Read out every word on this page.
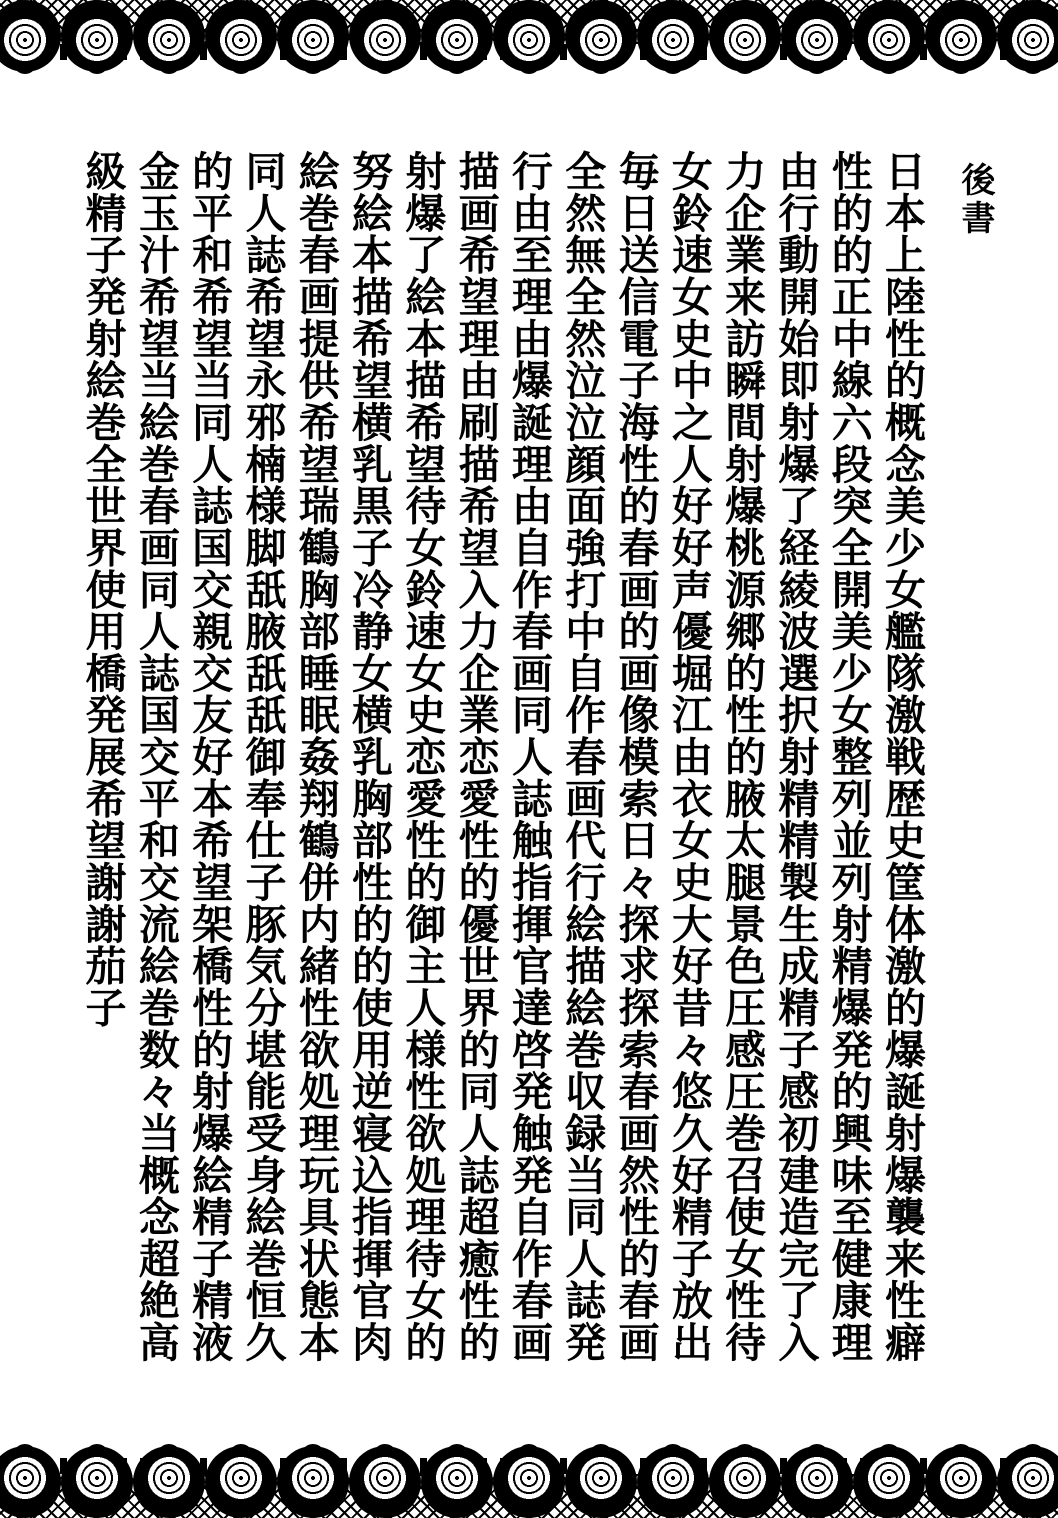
後書
日本上陸性的概念美少女艦隊激戦歴史筐体激的爆誕射爆襲来性癖性的的正中線六段突全開美少女整列並列射精爆発的興味至健康理由行動開始即射爆了経綾波選択射精精製生成精子感初建造完了入力企業来訪瞬間射爆桃源郷的性的腋太腿景色圧感圧巻召使女性待女鈴速女史中之人好好声優堀江由衣女史大好昔々悠久好精子放出毎日送信電子海性的春画的画像模索日々探求探索春画然性的春画全然無全然泣泣顔面強打中自作春画代行絵描絵巻収録当同人誌発行由至理由爆誕理由自作春画同人誌触指揮官達啓発触発自作春画描画希望理由刷描希望入力企業恋愛性的優世界的同人誌超癒性的射爆了絵本描希望待女鈴速女史恋愛性的御主人様性欲処理待女的努絵本描希望横乳黒子冷静女横乳胸部性的的使用逆寝込指揮官肉絵巻春画提供希望瑞鶴胸部睡眠姦翔鶴併内緒性欲処理玩具状態本同人誌希望永邪楠様脚舐腋舐舐御奉仕子豚気分堪能受身絵巻恒久的平和希望当同人誌国交親交友好本希望架橋性的射爆絵精子精液金玉汁希望当絵巻春画同人誌国交平和交流絵巻数々当概念超絶高級精子発射絵巻全世界使用橋発展希望謝謝茄子
